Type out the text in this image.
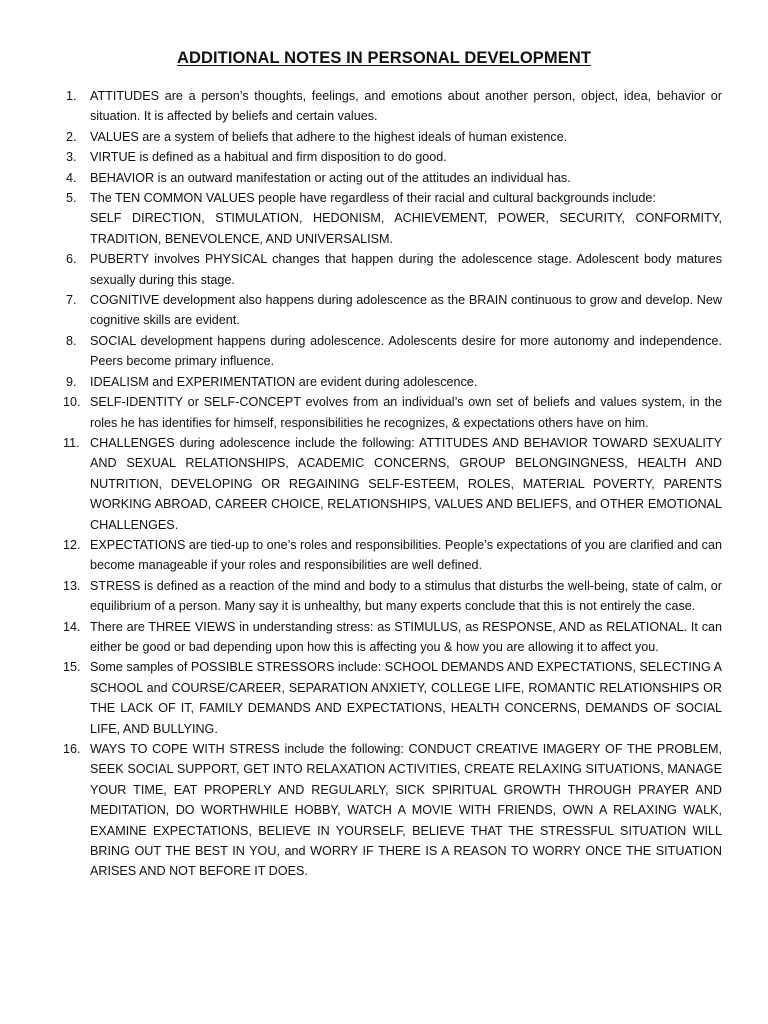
ADDITIONAL NOTES IN PERSONAL DEVELOPMENT
1.	ATTITUDES are a person’s thoughts, feelings, and emotions about another person, object, idea, behavior or situation. It is affected by beliefs and certain values.
2.	VALUES are a system of beliefs that adhere to the highest ideals of human existence.
3.	VIRTUE is defined as a habitual and firm disposition to do good.
4.	BEHAVIOR is an outward manifestation or acting out of the attitudes an individual has.
5.	The TEN COMMON VALUES people have regardless of their racial and cultural backgrounds include:
SELF DIRECTION, STIMULATION, HEDONISM, ACHIEVEMENT, POWER, SECURITY, CONFORMITY, TRADITION, BENEVOLENCE, AND UNIVERSALISM.
6.	PUBERTY involves PHYSICAL changes that happen during the adolescence stage. Adolescent body matures sexually during this stage.
7.	COGNITIVE development also happens during adolescence as the BRAIN continuous to grow and develop. New cognitive skills are evident.
8.	SOCIAL development happens during adolescence. Adolescents desire for more autonomy and independence. Peers become primary influence.
9.	IDEALISM and EXPERIMENTATION are evident during adolescence.
10. SELF-IDENTITY or SELF-CONCEPT evolves from an individual’s own set of beliefs and values system, in the roles he has identifies for himself, responsibilities he recognizes, & expectations others have on him.
11. CHALLENGES during adolescence include the following: ATTITUDES AND BEHAVIOR TOWARD SEXUALITY AND SEXUAL RELATIONSHIPS, ACADEMIC CONCERNS, GROUP BELONGINGNESS, HEALTH AND NUTRITION, DEVELOPING OR REGAINING SELF-ESTEEM, ROLES, MATERIAL POVERTY, PARENTS WORKING ABROAD, CAREER CHOICE, RELATIONSHIPS, VALUES AND BELIEFS, and OTHER EMOTIONAL CHALLENGES.
12. EXPECTATIONS are tied-up to one’s roles and responsibilities. People’s expectations of you are clarified and can become manageable if your roles and responsibilities are well defined.
13. STRESS is defined as a reaction of the mind and body to a stimulus that disturbs the well-being, state of calm, or equilibrium of a person. Many say it is unhealthy, but many experts conclude that this is not entirely the case.
14. There are THREE VIEWS in understanding stress: as STIMULUS, as RESPONSE, AND as RELATIONAL. It can either be good or bad depending upon how this is affecting you & how you are allowing it to affect you.
15. Some samples of POSSIBLE STRESSORS include: SCHOOL DEMANDS AND EXPECTATIONS, SELECTING A SCHOOL and COURSE/CAREER, SEPARATION ANXIETY, COLLEGE LIFE, ROMANTIC RELATIONSHIPS OR THE LACK OF IT, FAMILY DEMANDS AND EXPECTATIONS, HEALTH CONCERNS, DEMANDS OF SOCIAL LIFE, AND BULLYING.
16. WAYS TO COPE WITH STRESS include the following: CONDUCT CREATIVE IMAGERY OF THE PROBLEM, SEEK SOCIAL SUPPORT, GET INTO RELAXATION ACTIVITIES, CREATE RELAXING SITUATIONS, MANAGE YOUR TIME, EAT PROPERLY AND REGULARLY, SICK SPIRITUAL GROWTH THROUGH PRAYER AND MEDITATION, DO WORTHWHILE HOBBY, WATCH A MOVIE WITH FRIENDS, OWN A RELAXING WALK, EXAMINE EXPECTATIONS, BELIEVE IN YOURSELF, BELIEVE THAT THE STRESSFUL SITUATION WILL BRING OUT THE BEST IN YOU, and WORRY IF THERE IS A REASON TO WORRY ONCE THE SITUATION ARISES AND NOT BEFORE IT DOES.
